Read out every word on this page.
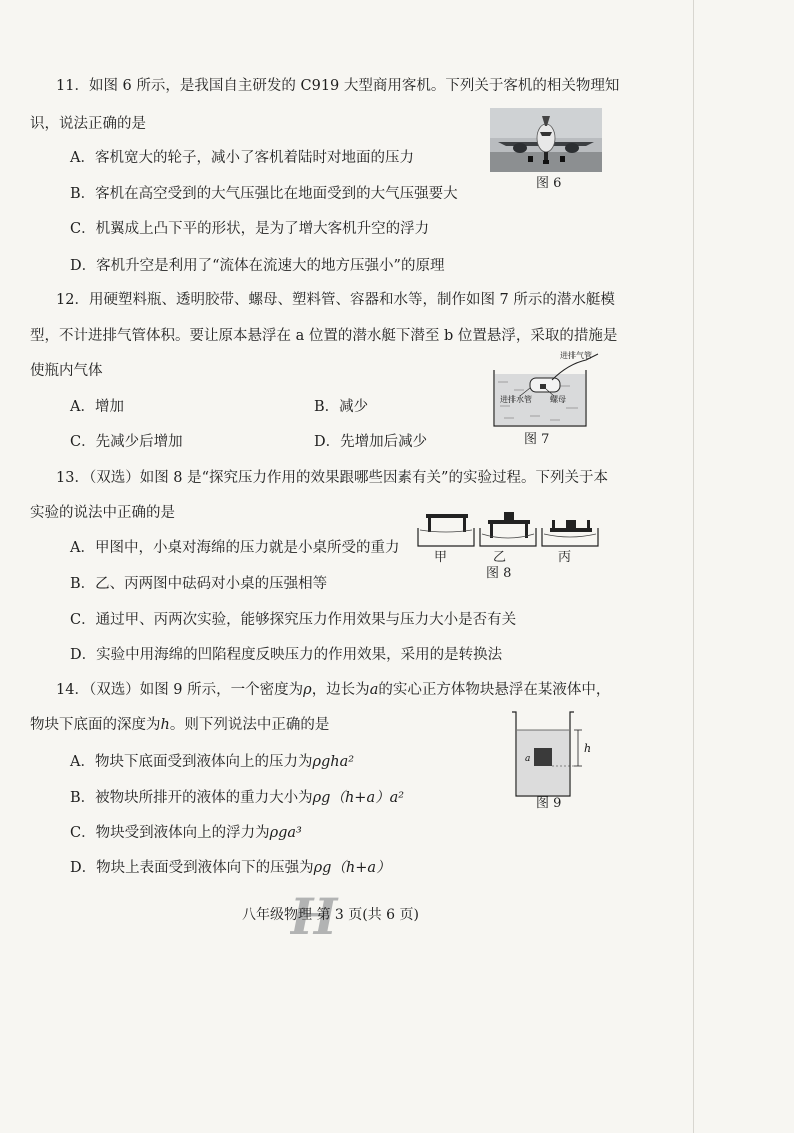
11．如图 6 所示，是我国自主研发的 C919 大型商用客机。下列关于客机的相关物理知
识，说法正确的是
A．客机宽大的轮子，减小了客机着陆时对地面的压力
B．客机在高空受到的大气压强比在地面受到的大气压强要大
C．机翼成上凸下平的形状，是为了增大客机升空的浮力
D．客机升空是利用了“流体在流速大的地方压强小”的原理
图 6
12．用硬塑料瓶、透明胶带、螺母、塑料管、容器和水等，制作如图 7 所示的潜水艇模
型，不计进排气管体积。要让原本悬浮在 a 位置的潜水艇下潜至 b 位置悬浮，采取的措施是
使瓶内气体
A．增加	B．减少
C．先减少后增加	D．先增加后减少
进排气管
进排水管 螺母
图 7
13．（双选）如图 8 是“探究压力作用的效果跟哪些因素有关”的实验过程。下列关于本
实验的说法中正确的是
A．甲图中，小桌对海绵的压力就是小桌所受的重力
B．乙、丙两图中砝码对小桌的压强相等
C．通过甲、丙两次实验，能够探究压力作用效果与压力大小是否有关
D．实验中用海绵的凹陷程度反映压力的作用效果，采用的是转换法
甲	乙	丙
图 8
14．（双选）如图 9 所示，一个密度为ρ，边长为a的实心正方体物块悬浮在某液体中，
物块下底面的深度为h。则下列说法中正确的是
A．物块下底面受到液体向上的压力为ρgha²
B．被物块所排开的液体的重力大小为ρg（h+a）a²
C．物块受到液体向上的浮力为ρga³
D．物块上表面受到液体向下的压强为ρg（h+a）
h
a
图 9
H
八年级物理 第 3 页(共 6 页)
